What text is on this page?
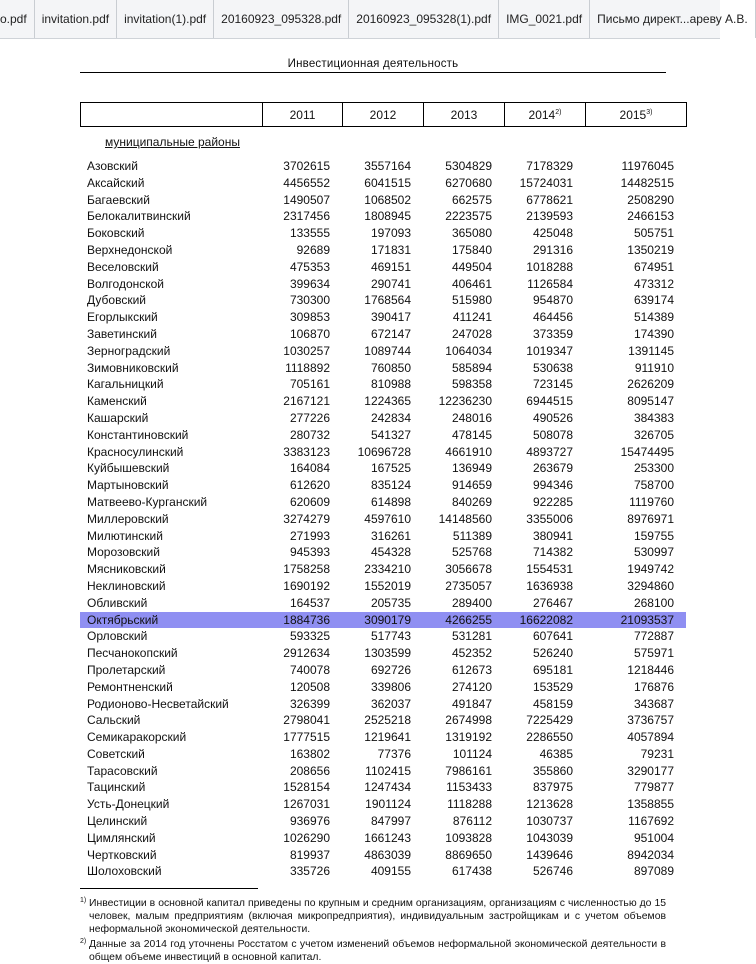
o.pdf	invitation.pdf	invitation(1).pdf	20160923_095328.pdf	20160923_095328(1).pdf	IMG_0021.pdf	Письмо директ...ареву А.В.
Инвестиционная деятельность
	2011	2012	2013	2014$^{2)}$	2015$^{3)}$
муниципальные районы
Азовский	3702615	3557164	5304829	7178329	11976045
Аксайский	4456552	6041515	6270680	15724031	14482515
Багаевский	1490507	1068502	662575	6778621	2508290
Белокалитвинский	2317456	1808945	2223575	2139593	2466153
Боковский	133555	197093	365080	425048	505751
Верхнедонской	92689	171831	175840	291316	1350219
Веселовский	475353	469151	449504	1018288	674951
Волгодонской	399634	290741	406461	1126584	473312
Дубовский	730300	1768564	515980	954870	639174
Егорлыкский	309853	390417	411241	464456	514389
Заветинский	106870	672147	247028	373359	174390
Зерноградский	1030257	1089744	1064034	1019347	1391145
Зимовниковский	1118892	760850	585894	530638	911910
Кагальницкий	705161	810988	598358	723145	2626209
Каменский	2167121	1224365	12236230	6944515	8095147
Кашарский	277226	242834	248016	490526	384383
Константиновский	280732	541327	478145	508078	326705
Красносулинский	3383123	10696728	4661910	4893727	15474495
Куйбышевский	164084	167525	136949	263679	253300
Мартыновский	612620	835124	914659	994346	758700
Матвеево-Курганский	620609	614898	840269	922285	1119760
Миллеровский	3274279	4597610	14148560	3355006	8976971
Милютинский	271993	316261	511389	380941	159755
Морозовский	945393	454328	525768	714382	530997
Мясниковский	1758258	2334210	3056678	1554531	1949742
Неклиновский	1690192	1552019	2735057	1636938	3294860
Обливский	164537	205735	289400	276467	268100
Октябрьский	1884736	3090179	4266255	16622082	21093537
Орловский	593325	517743	531281	607641	772887
Песчанокопский	2912634	1303599	452352	526240	575971
Пролетарский	740078	692726	612673	695181	1218446
Ремонтненский	120508	339806	274120	153529	176876
Родионово-Несветайский	326399	362037	491847	458159	343687
Сальский	2798041	2525218	2674998	7225429	3736757
Семикаракорский	1777515	1219641	1319192	2286550	4057894
Советский	163802	77376	101124	46385	79231
Тарасовский	208656	1102415	7986161	355860	3290177
Тацинский	1528154	1247434	1153433	837975	779877
Усть-Донецкий	1267031	1901124	1118288	1213628	1358855
Целинский	936976	847997	876112	1030737	1167692
Цимлянский	1026290	1661243	1093828	1043039	951004
Чертковский	819937	4863039	8869650	1439646	8942034
Шолоховский	335726	409155	617438	526746	897089
$^{1)}$ Инвестиции в основной капитал приведены по крупным и средним организациям, организациям с численностью до 15 человек, малым предприятиям (включая микропредприятия), индивидуальным застройщикам и с учетом объемов неформальной экономической деятельности.
$^{2)}$ Данные за 2014 год уточнены Росстатом с учетом изменений объемов неформальной экономической деятельности в общем объеме инвестиций в основной капитал.
